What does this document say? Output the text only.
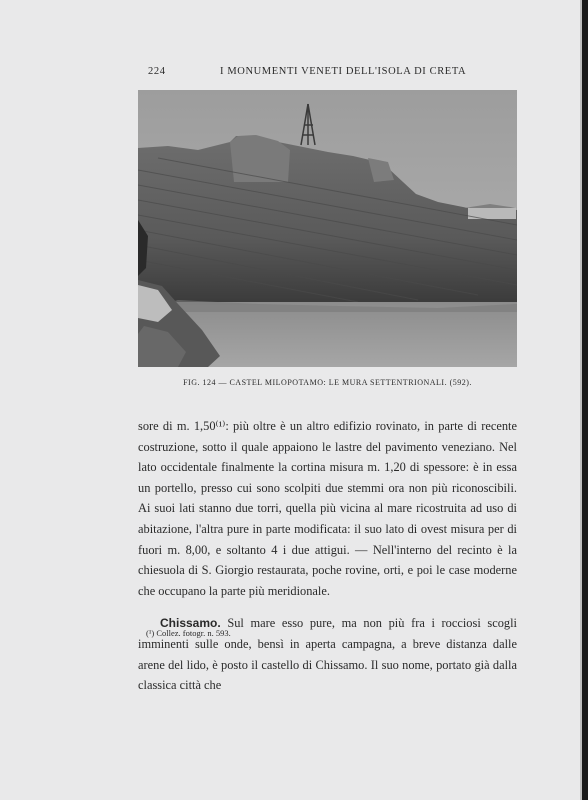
224	I MONUMENTI VENETI DELL'ISOLA DI CRETA
FIG. 124 — CASTEL MILOPOTAMO: LE MURA SETTENTRIONALI. (592).

sore di m. 1,50⁽¹⁾: più oltre è un altro edifizio rovinato, in parte di recente costruzione, sotto il quale appaiono le lastre del pavimento veneziano. Nel lato occidentale finalmente la cortina misura m. 1,20 di spessore: è in essa un portello, presso cui sono scolpiti due stemmi ora non più riconoscibili. Ai suoi lati stanno due torri, quella più vicina al mare ricostruita ad uso di abitazione, l'altra pure in parte modificata: il suo lato di ovest misura per di fuori m. 8,00, e soltanto 4 i due attigui. — Nell'interno del recinto è la chiesuola di S. Giorgio restaurata, poche rovine, orti, e poi le case moderne che occupano la parte più meridionale.

Chissamo. Sul mare esso pure, ma non più fra i rocciosi scogli imminenti sulle onde, bensì in aperta campagna, a breve distanza dalle arene del lido, è posto il castello di Chissamo. Il suo nome, portato già dalla classica città che

(¹) Collez. fotogr. n. 593.
